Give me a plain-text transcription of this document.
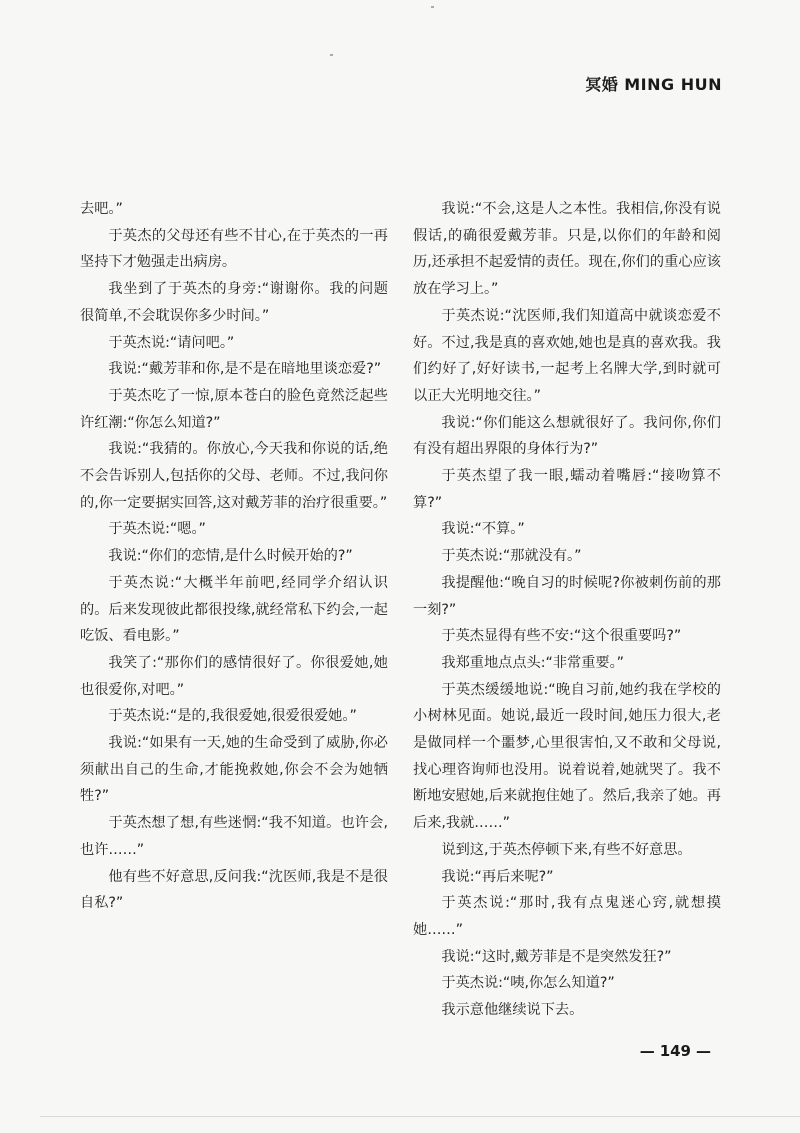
冥婚 MING HUN

去吧。”

于英杰的父母还有些不甘心,在于英杰的一再坚持下才勉强走出病房。

我坐到了于英杰的身旁:“谢谢你。我的问题很简单,不会耽误你多少时间。”

于英杰说:“请问吧。”

我说:“戴芳菲和你,是不是在暗地里谈恋爱?”

于英杰吃了一惊,原本苍白的脸色竟然泛起些许红潮:“你怎么知道?”

我说:“我猜的。你放心,今天我和你说的话,绝不会告诉别人,包括你的父母、老师。不过,我问你的,你一定要据实回答,这对戴芳菲的治疗很重要。”

于英杰说:“嗯。”

我说:“你们的恋情,是什么时候开始的?”

于英杰说:“大概半年前吧,经同学介绍认识的。后来发现彼此都很投缘,就经常私下约会,一起吃饭、看电影。”

我笑了:“那你们的感情很好了。你很爱她,她也很爱你,对吧。”

于英杰说:“是的,我很爱她,很爱很爱她。”

我说:“如果有一天,她的生命受到了威胁,你必须献出自己的生命,才能挽救她,你会不会为她牺牲?”

于英杰想了想,有些迷惘:“我不知道。也许会,也许……”

他有些不好意思,反问我:“沈医师,我是不是很自私?”

我说:“不会,这是人之本性。我相信,你没有说假话,的确很爱戴芳菲。只是,以你们的年龄和阅历,还承担不起爱情的责任。现在,你们的重心应该放在学习上。”

于英杰说:“沈医师,我们知道高中就谈恋爱不好。不过,我是真的喜欢她,她也是真的喜欢我。我们约好了,好好读书,一起考上名牌大学,到时就可以正大光明地交往。”

我说:“你们能这么想就很好了。我问你,你们有没有超出界限的身体行为?”

于英杰望了我一眼,蠕动着嘴唇:“接吻算不算?”

我说:“不算。”

于英杰说:“那就没有。”

我提醒他:“晚自习的时候呢?你被刺伤前的那一刻?”

于英杰显得有些不安:“这个很重要吗?”

我郑重地点点头:“非常重要。”

于英杰缓缓地说:“晚自习前,她约我在学校的小树林见面。她说,最近一段时间,她压力很大,老是做同样一个噩梦,心里很害怕,又不敢和父母说,找心理咨询师也没用。说着说着,她就哭了。我不断地安慰她,后来就抱住她了。然后,我亲了她。再后来,我就……”

说到这,于英杰停顿下来,有些不好意思。

我说:“再后来呢?”

于英杰说:“那时,我有点鬼迷心窍,就想摸她……”

我说:“这时,戴芳菲是不是突然发狂?”

于英杰说:“咦,你怎么知道?”

我示意他继续说下去。

— 149 —
